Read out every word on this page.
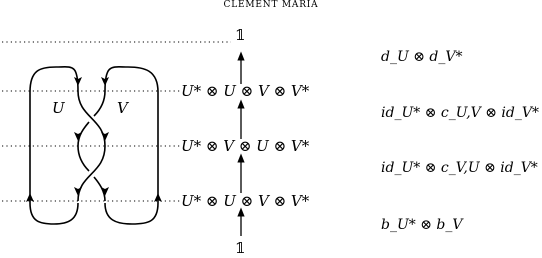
CLÉMENT MARIA
U	V
𝟙
𝟙
U* ⊗ U ⊗ V ⊗ V*
U* ⊗ V ⊗ U ⊗ V*
U* ⊗ U ⊗ V ⊗ V*
d_U ⊗ d_V*
id_U* ⊗ c_U,V ⊗ id_V*
id_U* ⊗ c_V,U ⊗ id_V*
b_U* ⊗ b_V
